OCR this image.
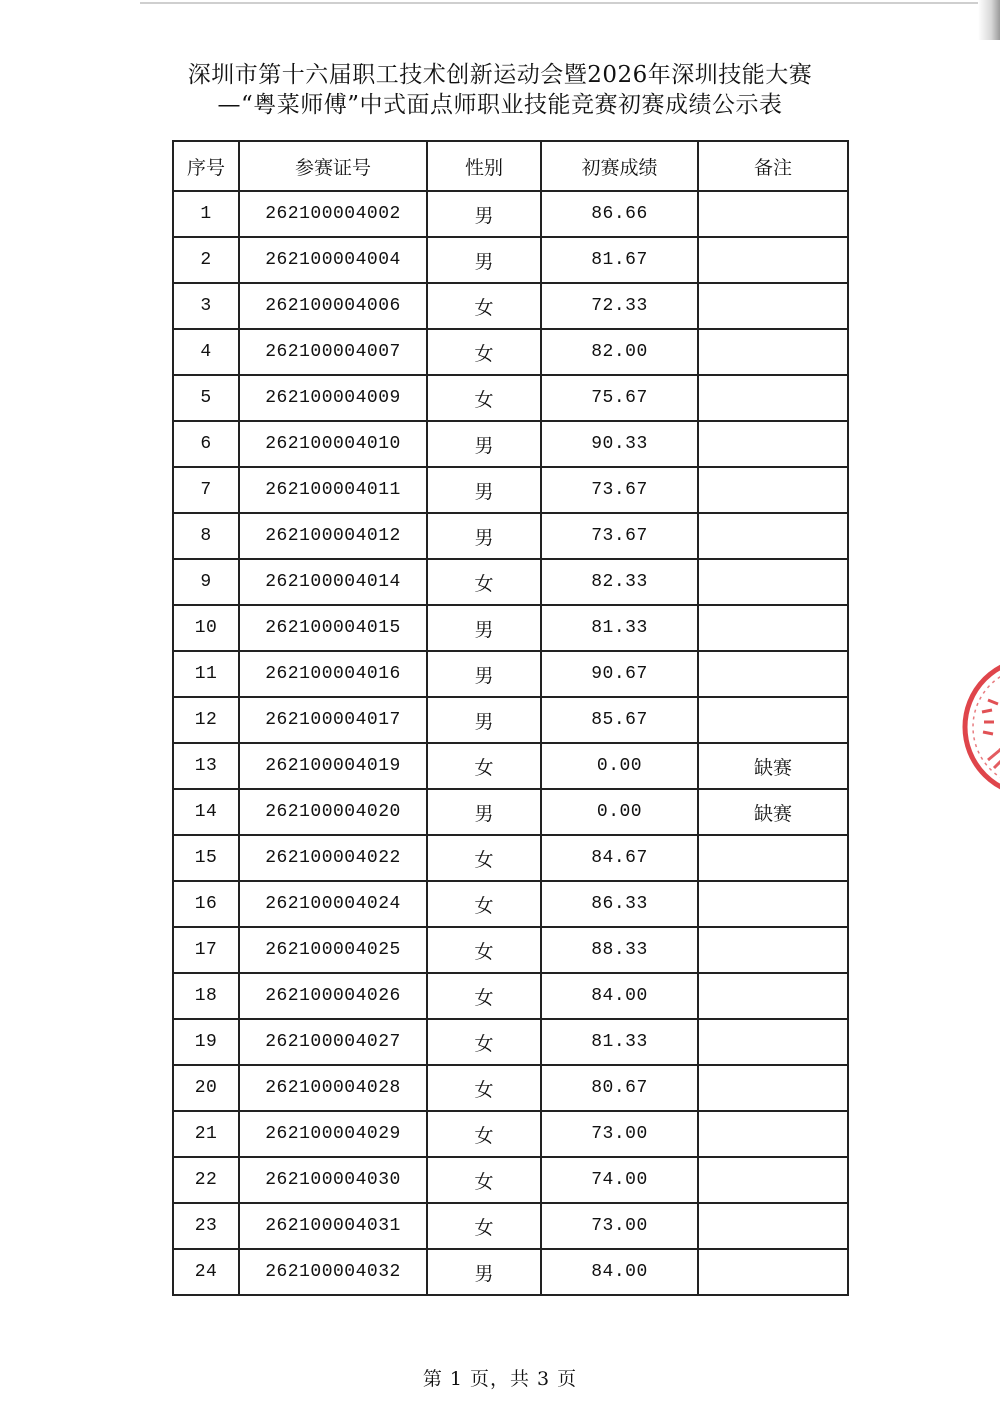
深圳市第十六届职工技术创新运动会暨2026年深圳技能大赛
—“粤菜师傅”中式面点师职业技能竞赛初赛成绩公示表
序号	参赛证号	性别	初赛成绩	备注
1	262100004002	男	86.66	
2	262100004004	男	81.67	
3	262100004006	女	72.33	
4	262100004007	女	82.00	
5	262100004009	女	75.67	
6	262100004010	男	90.33	
7	262100004011	男	73.67	
8	262100004012	男	73.67	
9	262100004014	女	82.33	
10	262100004015	男	81.33	
11	262100004016	男	90.67	
12	262100004017	男	85.67	
13	262100004019	女	0.00	缺赛
14	262100004020	男	0.00	缺赛
15	262100004022	女	84.67	
16	262100004024	女	86.33	
17	262100004025	女	88.33	
18	262100004026	女	84.00	
19	262100004027	女	81.33	
20	262100004028	女	80.67	
21	262100004029	女	73.00	
22	262100004030	女	74.00	
23	262100004031	女	73.00	
24	262100004032	男	84.00	
第 1 页，共 3 页
